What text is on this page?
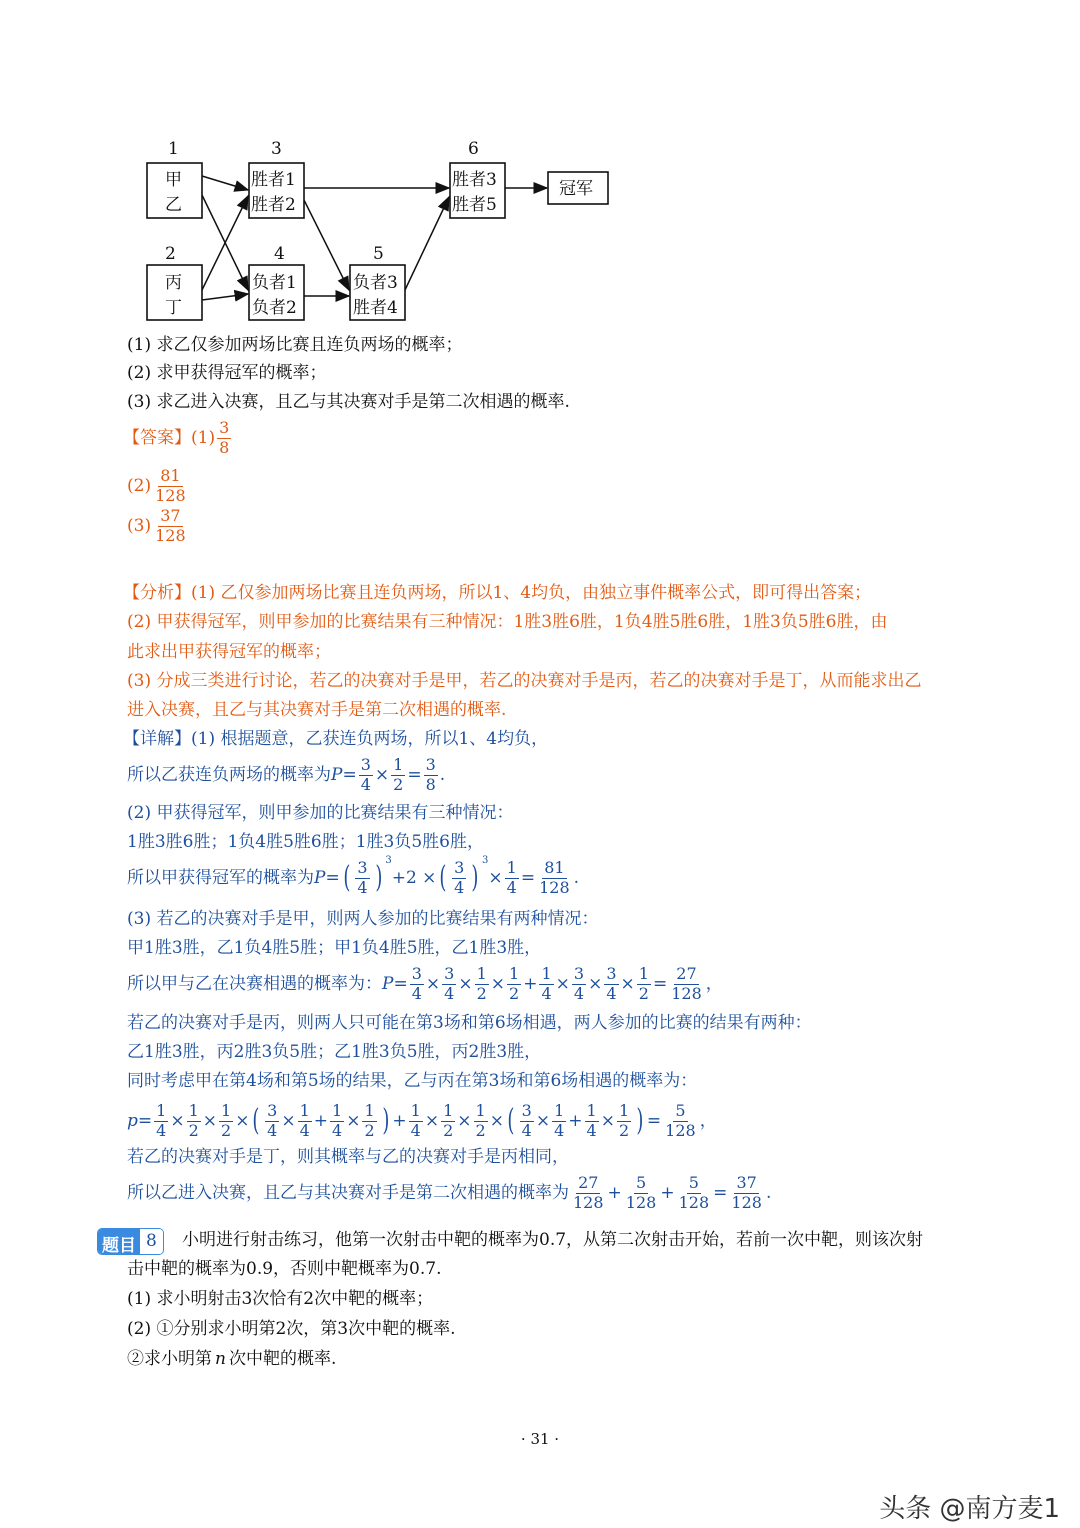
1	3	6
2	4	5
甲
乙
丙
丁
胜者1
胜者2
负者1
负者2
负者3
胜者4
胜者3
胜者5
冠军
(1) 求乙仅参加两场比赛且连负两场的概率；
(2) 求甲获得冠军的概率；
(3) 求乙进入决赛，且乙与其决赛对手是第二次相遇的概率.
题目 8
· 31 ·
头条 @南方麦1
【答案】 $(1) \frac{3}{8}$
$(2) \frac{81}{128}$
$(3) \frac{37}{128}$
【分析】(1) 乙仅参加两场比赛且连负两场，所以1、4均负，由独立事件概率公式，即可得出答案；
(2) 甲获得冠军，则甲参加的比赛结果有三种情况：1胜3胜6胜，1负4胜5胜6胜，1胜3负5胜6胜，由
此求出甲获得冠军的概率；
(3) 分成三类进行讨论，若乙的决赛对手是甲，若乙的决赛对手是丙，若乙的决赛对手是丁，从而能求出乙
进入决赛，且乙与其决赛对手是第二次相遇的概率.
【详解】(1) 根据题意，乙获连负两场，所以1、4均负，
所以乙获连负两场的概率为 $P = \frac{3}{4} \times \frac{1}{2} = \frac{3}{8}$ .
(2) 甲获得冠军，则甲参加的比赛结果有三种情况：
1胜3胜6胜；1负4胜5胜6胜；1胜3负5胜6胜，
所以甲获得冠军的概率为 P = ( $\frac{3}{4}$ ) $^3$
+2 × ( $\frac{3}{4}$ ) $^3$
× $\frac{1}{4} = \frac{81}{128}$ .
(3) 若乙的决赛对手是甲，则两人参加的比赛结果有两种情况：
甲1胜3胜，乙1负4胜5胜；甲1负4胜5胜，乙1胜3胜，
所以甲与乙在决赛相遇的概率为： $P = \frac{3}{4} \times \frac{3}{4} \times \frac{1}{2} \times \frac{1}{2} + \frac{1}{4} \times \frac{3}{4} \times \frac{3}{4} \times \frac{1}{2} = \frac{27}{128}$ ，
若乙的决赛对手是丙，则两人只可能在第3场和第6场相遇，两人参加的比赛的结果有两种：
乙1胜3胜，丙2胜3负5胜；乙1胜3负5胜，丙2胜3胜，
同时考虑甲在第4场和第5场的结果，乙与丙在第3场和第6场相遇的概率为：
$p = \frac{1}{4} \times \frac{1}{2} \times \frac{1}{2}$ × ( $\frac{3}{4} \times \frac{1}{4} + \frac{1}{4} \times \frac{1}{2}$ ) + $\frac{1}{4} \times \frac{1}{2} \times \frac{1}{2}$ × ( $\frac{3}{4} \times \frac{1}{4} + \frac{1}{4} \times \frac{1}{2}$ ) = $\frac{5}{128}$ ，
若乙的决赛对手是丁，则其概率与乙的决赛对手是丙相同，
所以乙进入决赛，且乙与其决赛对手是第二次相遇的概率为 $\frac{27}{128} + \frac{5}{128} + \frac{5}{128} = \frac{37}{128}$ .
小明进行射击练习，他第一次射击中靶的概率为0.7，从第二次射击开始，若前一次中靶，则该次射
击中靶的概率为0.9，否则中靶概率为0.7.
(1) 求小明射击3次恰有2次中靶的概率；
(2) ①分别求小明第2次，第3次中靶的概率.
②求小明第 n 次中靶的概率.
